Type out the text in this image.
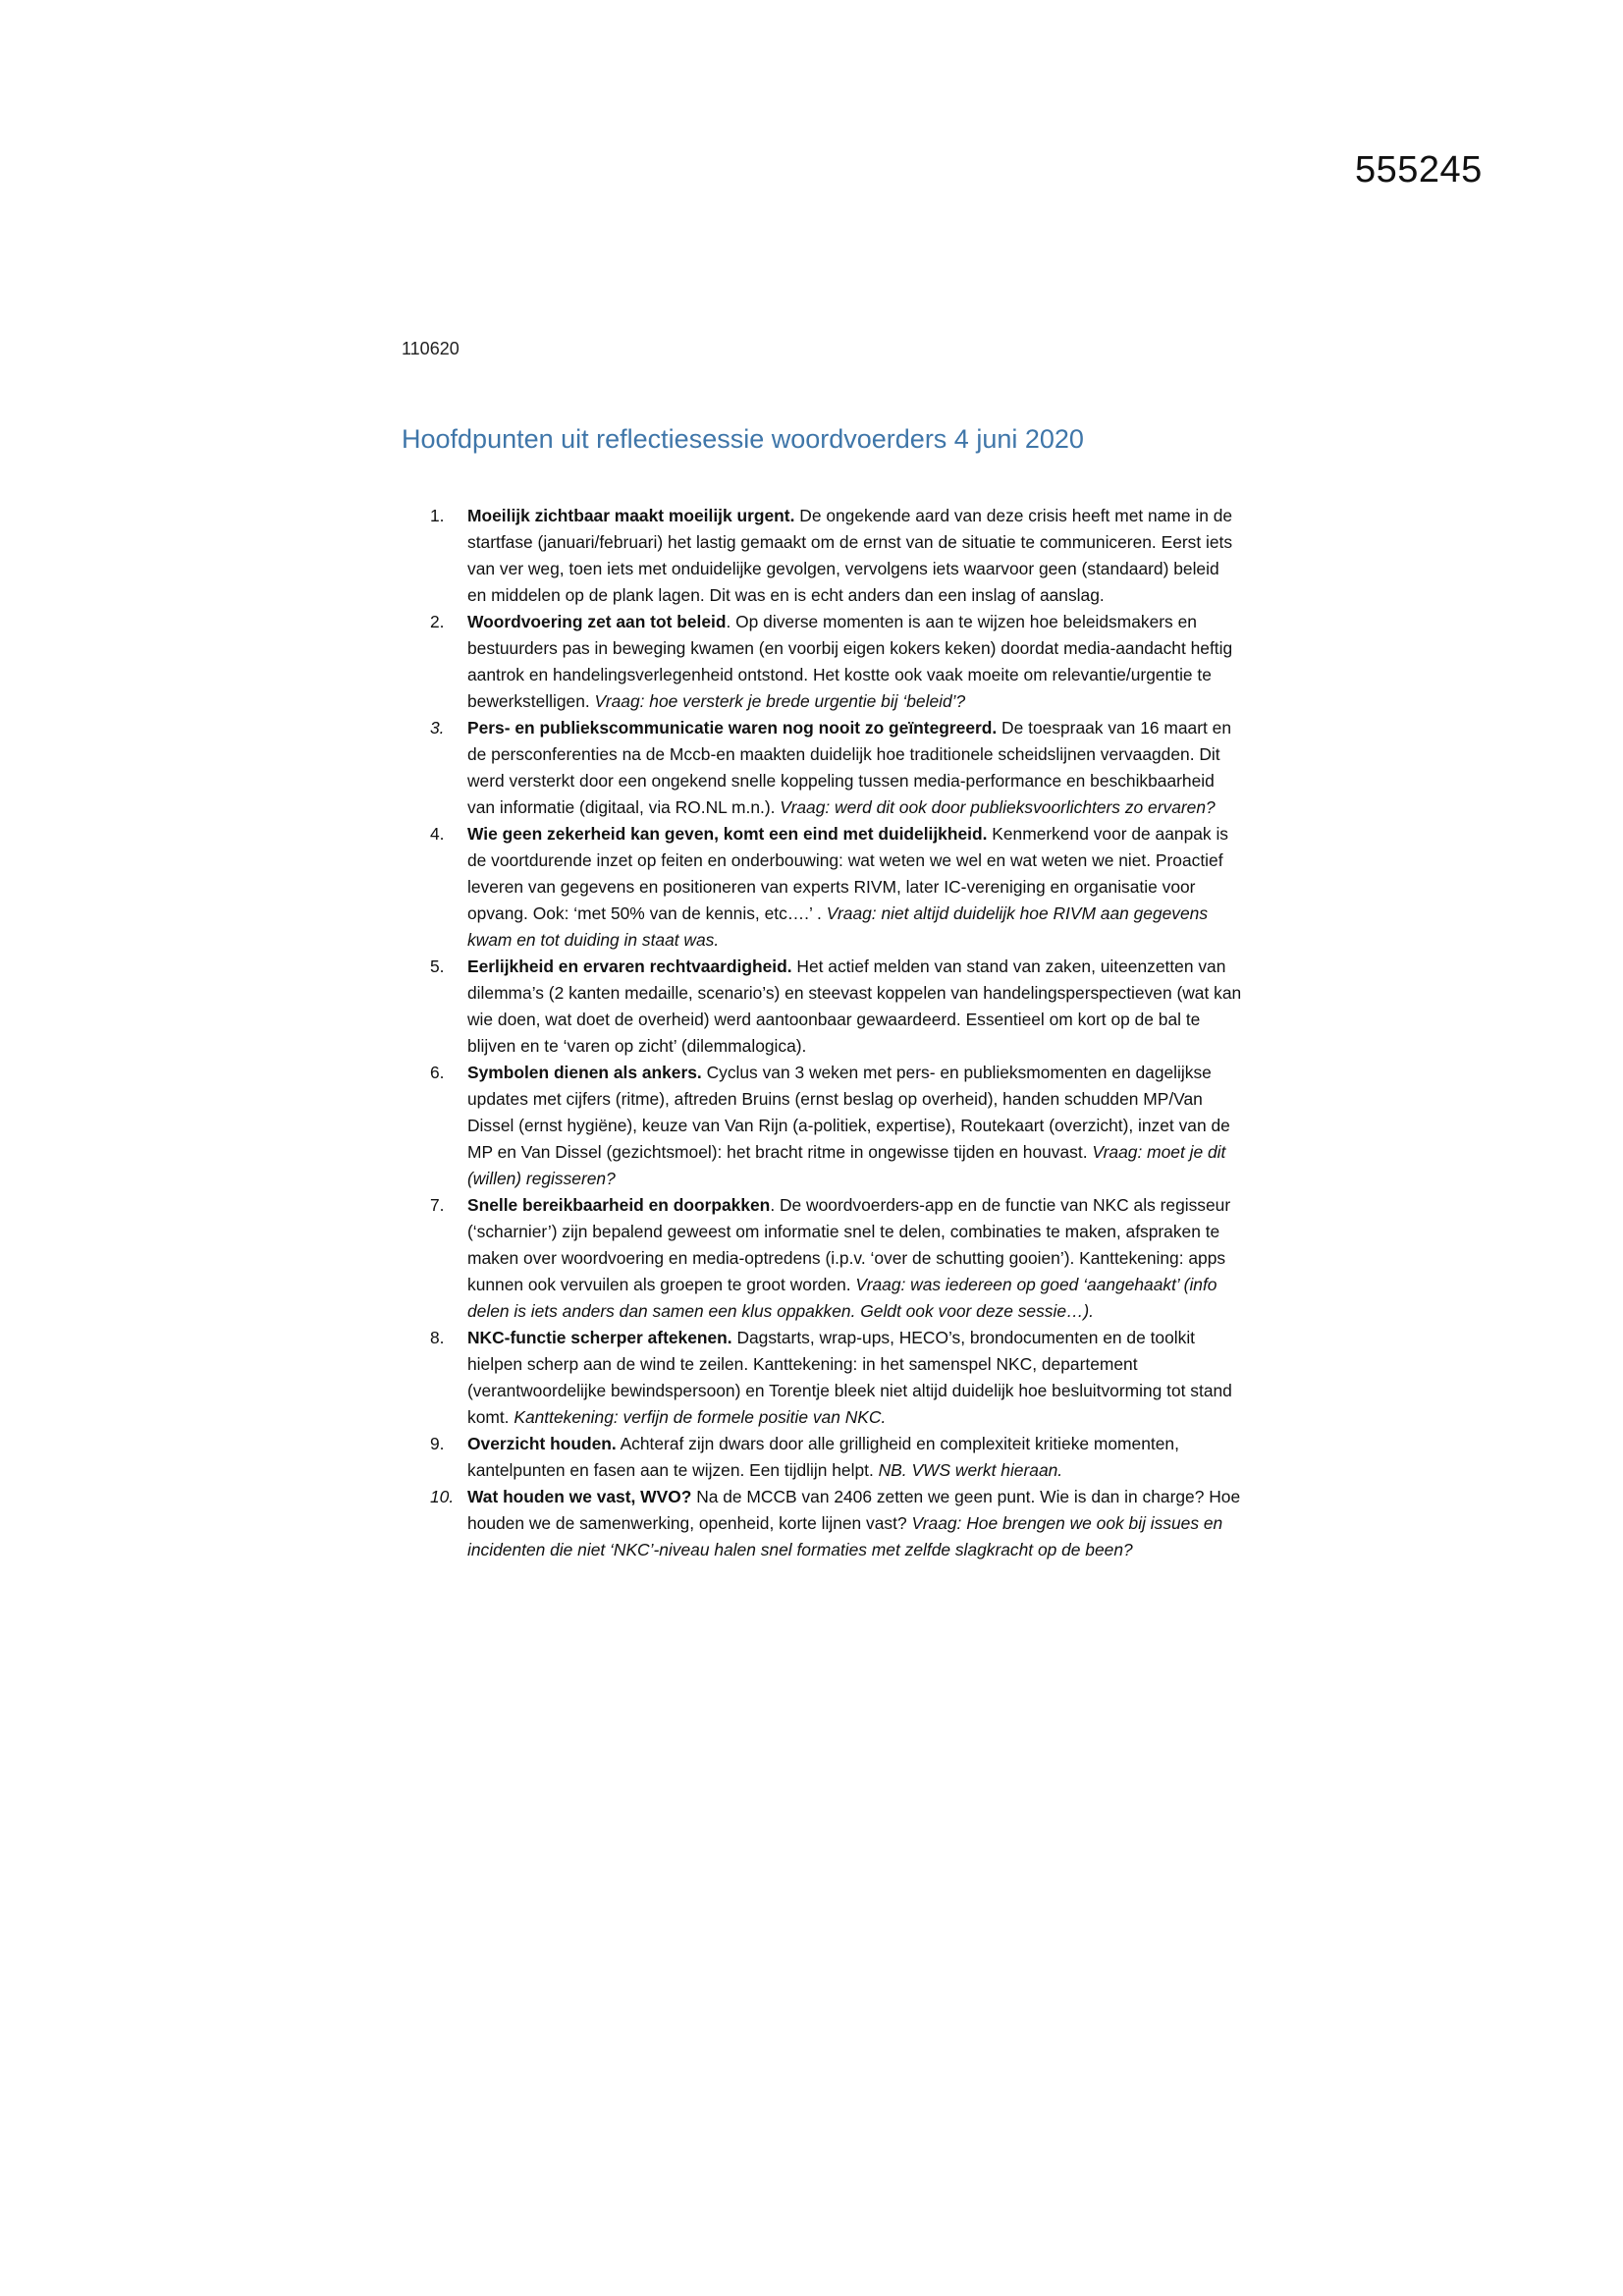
555245
110620
Hoofdpunten uit reflectiesessie woordvoerders 4 juni 2020
1. Moeilijk zichtbaar maakt moeilijk urgent. De ongekende aard van deze crisis heeft met name in de startfase (januari/februari) het lastig gemaakt om de ernst van de situatie te communiceren. Eerst iets van ver weg, toen iets met onduidelijke gevolgen, vervolgens iets waarvoor geen (standaard) beleid en middelen op de plank lagen. Dit was en is echt anders dan een inslag of aanslag.
2. Woordvoering zet aan tot beleid. Op diverse momenten is aan te wijzen hoe beleidsmakers en bestuurders pas in beweging kwamen (en voorbij eigen kokers keken) doordat media-aandacht heftig aantrok en handelingsverlegenheid ontstond. Het kostte ook vaak moeite om relevantie/urgentie te bewerkstelligen. Vraag: hoe versterk je brede urgentie bij ‘beleid’?
3. Pers- en publiekscommunicatie waren nog nooit zo geïntegreerd. De toespraak van 16 maart en de persconferenties na de Mccb-en maakten duidelijk hoe traditionele scheidslijnen vervaagden. Dit werd versterkt door een ongekend snelle koppeling tussen media-performance en beschikbaarheid van informatie (digitaal, via RO.NL m.n.). Vraag: werd dit ook door publieksvoorlichters zo ervaren?
4. Wie geen zekerheid kan geven, komt een eind met duidelijkheid. Kenmerkend voor de aanpak is de voortdurende inzet op feiten en onderbouwing: wat weten we wel en wat weten we niet. Proactief leveren van gegevens en positioneren van experts RIVM, later IC-vereniging en organisatie voor opvang. Ook: ‘met 50% van de kennis, etc….’ . Vraag: niet altijd duidelijk hoe RIVM aan gegevens kwam en tot duiding in staat was.
5. Eerlijkheid en ervaren rechtvaardigheid. Het actief melden van stand van zaken, uiteenzetten van dilemma’s (2 kanten medaille, scenario’s) en steevast koppelen van handelingsperspectieven (wat kan wie doen, wat doet de overheid) werd aantoonbaar gewaardeerd. Essentieel om kort op de bal te blijven en te ‘varen op zicht’ (dilemmalogica).
6. Symbolen dienen als ankers. Cyclus van 3 weken met pers- en publieksmomenten en dagelijkse updates met cijfers (ritme), aftreden Bruins (ernst beslag op overheid), handen schudden MP/Van Dissel (ernst hygiëne), keuze van Van Rijn (a-politiek, expertise), Routekaart (overzicht), inzet van de MP en Van Dissel (gezichtsmoel): het bracht ritme in ongewisse tijden en houvast. Vraag: moet je dit (willen) regisseren?
7. Snelle bereikbaarheid en doorpakken. De woordvoerders-app en de functie van NKC als regisseur (‘scharnier’) zijn bepalend geweest om informatie snel te delen, combinaties te maken, afspraken te maken over woordvoering en media-optredens (i.p.v. ‘over de schutting gooien’). Kanttekening: apps kunnen ook vervuilen als groepen te groot worden. Vraag: was iedereen op goed ‘aangehaakt’ (info delen is iets anders dan samen een klus oppakken. Geldt ook voor deze sessie…).
8. NKC-functie scherper aftekenen. Dagstarts, wrap-ups, HECO’s, brondocumenten en de toolkit hielpen scherp aan de wind te zeilen. Kanttekening: in het samenspel NKC, departement (verantwoordelijke bewindspersoon) en Torentje bleek niet altijd duidelijk hoe besluitvorming tot stand komt. Kanttekening: verfijn de formele positie van NKC.
9. Overzicht houden. Achteraf zijn dwars door alle grilligheid en complexiteit kritieke momenten, kantelpunten en fasen aan te wijzen. Een tijdlijn helpt. NB. VWS werkt hieraan.
10. Wat houden we vast, WVO? Na de MCCB van 2406 zetten we geen punt. Wie is dan in charge? Hoe houden we de samenwerking, openheid, korte lijnen vast? Vraag: Hoe brengen we ook bij issues en incidenten die niet ‘NKC’-niveau halen snel formaties met zelfde slagkracht op de been?
